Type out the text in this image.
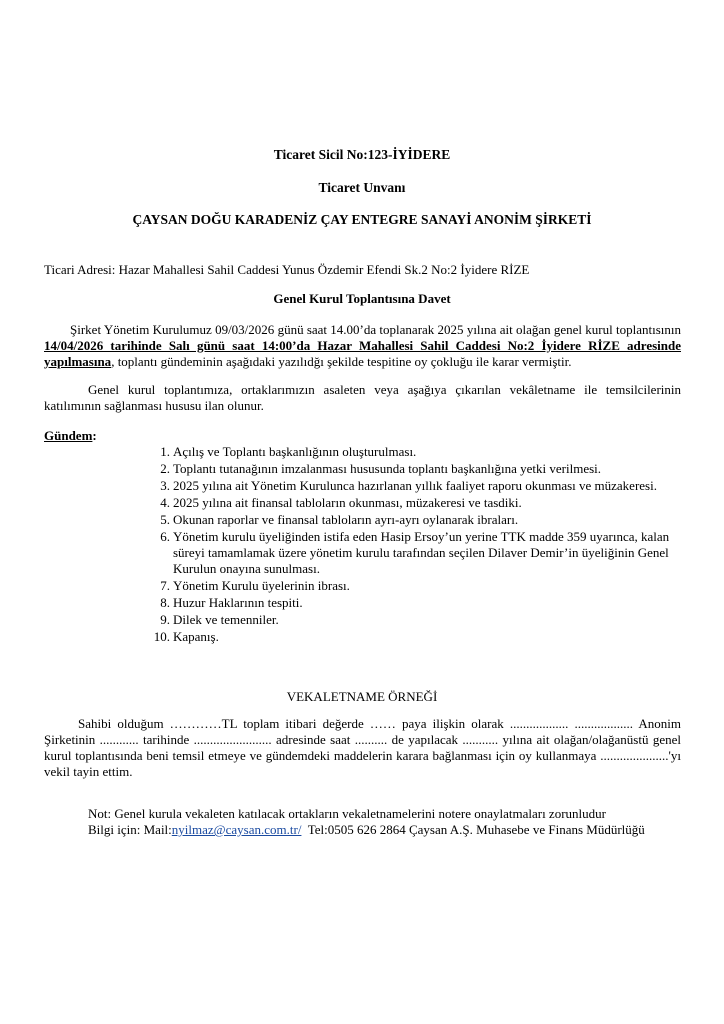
Ticaret Sicil No:123-İYİDERE
Ticaret Unvanı
ÇAYSAN DOĞU KARADENİZ ÇAY ENTEGRE SANAYİ ANONİM ŞİRKETİ
Ticari Adresi: Hazar Mahallesi Sahil Caddesi Yunus Özdemir Efendi Sk.2 No:2 İyidere RİZE
Genel Kurul Toplantısına Davet
Şirket Yönetim Kurulumuz 09/03/2026 günü saat 14.00’da toplanarak 2025 yılına ait olağan genel kurul toplantısının 14/04/2026 tarihinde Salı günü saat 14:00’da Hazar Mahallesi Sahil Caddesi No:2 İyidere RİZE adresinde yapılmasına, toplantı gündeminin aşağıdaki yazılıdğı şekilde tespitine oy çokluğu ile karar vermiştir.
Genel kurul toplantımıza, ortaklarımızın asaleten veya aşağıya çıkarılan vekâletname ile temsilcilerinin katılımının sağlanması hususu ilan olunur.
Gündem:
1. Açılış ve Toplantı başkanlığının oluşturulması.
2. Toplantı tutanağının imzalanması hususunda toplantı başkanlığına yetki verilmesi.
3. 2025 yılına ait Yönetim Kurulunca hazırlanan yıllık faaliyet raporu okunması ve müzakeresi.
4. 2025 yılına ait finansal tabloların okunması, müzakeresi ve tasdiki.
5. Okunan raporlar ve finansal tabloların ayrı-ayrı oylanarak ibraları.
6. Yönetim kurulu üyeliğinden istifa eden Hasip Ersoy’un yerine TTK madde 359 uyarınca, kalan süreyi tamamlamak üzere yönetim kurulu tarafından seçilen Dilaver Demir’in üyeliğinin Genel Kurulun onayına sunulması.
7. Yönetim Kurulu üyelerinin ibrası.
8. Huzur Haklarının tespiti.
9. Dilek ve temenniler.
10. Kapanış.
VEKALETNAME ÖRNEĞİ
Sahibi olduğum …………TL toplam itibari değerde …… paya ilişkin olarak .................. .................. Anonim Şirketinin ............ tarihinde ........................ adresinde saat .......... de yapılacak ........... yılına ait olağan/olağanüstü genel kurul toplantısında beni temsil etmeye ve gündemdeki maddelerin karara bağlanması için oy kullanmaya .....................'yı vekil tayin ettim.
Not: Genel kurula vekaleten katılacak ortakların vekaletnamelerini notere onaylatmaları zorunludur
Bilgi için: Mail:nyilmaz@caysan.com.tr/  Tel:0505 626 2864 Çaysan A.Ş. Muhasebe ve Finans Müdürlüğü
